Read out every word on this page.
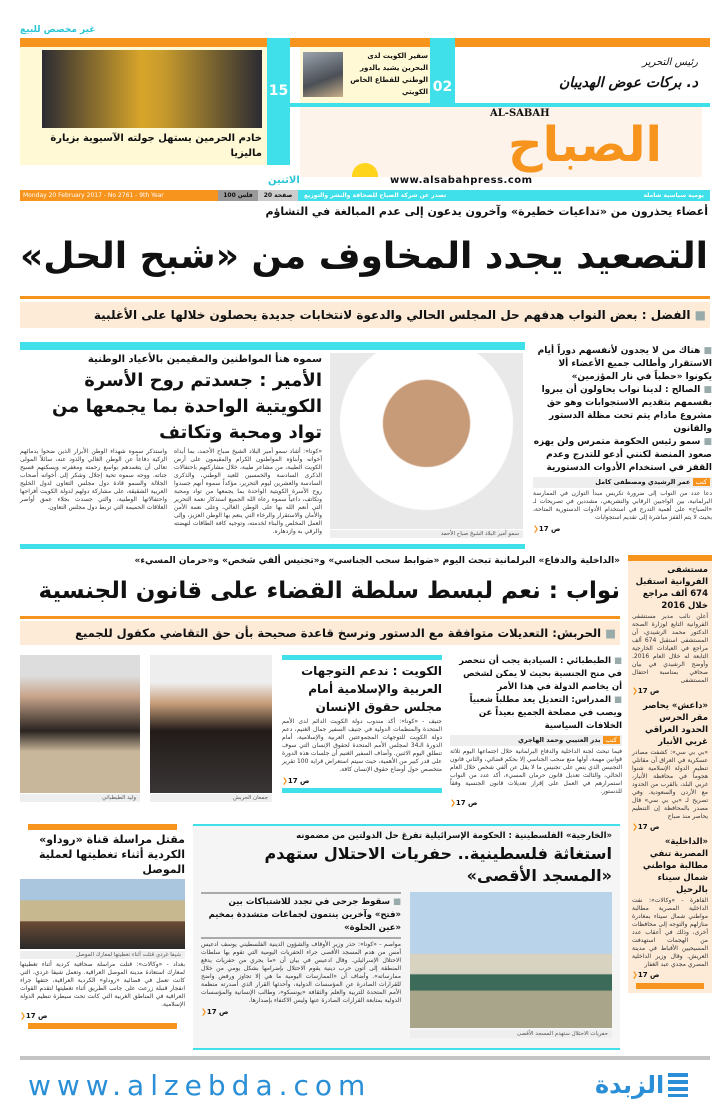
غير مخصص للبيع
خادم الحرمين يستهل جولته الآسيوية بزيارة ماليزيا
15
سفير الكويت لدى البحرين يشيد بالدور الوطني للقطاع الخاص الكويتي 02
رئيس التحرير
د. بركات عوض الهديبان
AL-SABAH
الصباح
www.alsabahpress.com
الاثنين
Monday 20 February 2017 - No 2761 - 9th Year	100 فلس	20 صفحة	يومية سياسية شاملة
تصدر عن شركة الصباح للصحافة والنشر والتوزيع
أعضاء يحذرون من «تداعيات خطيرة» وآخرون يدعون إلى عدم المبالغة في التشاؤم
التصعيد يجدد المخاوف من «شبح الحل»
■ الفضل : بعض النواب هدفهم حل المجلس الحالي والدعوة لانتخابات جديدة يحصلون خلالها على الأغلبية
سموه هنأ المواطنين والمقيمين بالأعياد الوطنية
الأمير : جسدتم روح الأسرة الكويتية الواحدة بما يجمعها من تواد ومحبة وتكاتف
«كونا»: أشاد سمو أمير البلاد الشيخ صباح الأحمد، بما أبداه أخوانه وأبناؤه المواطنون الكرام والمقيمون على أرض الكويت الطيبة، من مشاعر طيبة، خلال مشاركتهم باحتفالات الذكرى السادسة والخمسين للعيد الوطني، والذكرى السادسة والعشرين ليوم التحرير، مؤكداً سموه أنهم جسدوا روح الأسرة الكويتية الواحدة بما يجمعها من تواد ومحبة وتكاتف، داعياً سموه رعاه الله الجميع استذكار نعمة التحرير التي أنعم الله بها على الوطن الغالي، وعلى نعمة الأمن والأمان والاستقرار والرخاء التي ينعم بها الوطن العزيز، وإلى العمل المخلص والبناء لخدمته، وتوجيه كافة الطاقات لنهضته والرقي به وازدهاره.
واستذكر سموه شهداء الوطن الأبرار الذين ضحوا بدمائهم الزكية دفاعاً عن الوطن الغالي والذود عنه، سائلاً المولى تعالى أن يتغمدهم بواسع رحمته ومغفرته ويسكنهم فسيح جناته. ووجه سموه تحية إجلال وشكر إلى أخوانه أصحاب الجلالة والسمو قادة دول مجلس التعاون لدول الخليج العربية الشقيقة، على مشاركة دولهم لدولة الكويت أفراحها واحتفالاتها الوطنية، والتي جسدت بجلاء عمق أواصر العلاقات الحميمة التي تربط دول مجلس التعاون.
سمو أمير البلاد الشيخ صباح الأحمد
■ هناك من لا يجدون لأنفسهم دوراً أيام الاستقرار وأطالب جميع الأعضاء ألا يكونوا «حطباً في نار المؤزمين»
■ الصالح : لدينا نواب يحاولون أن يبروا بقسمهم بتقديم الاستجوابات وهو حق مشروع مادام يتم تحت مظلة الدستور والقانون
■ سمو رئيس الحكومة متمرس ولن يهزه صعود المنصة لكنني أدعو للتدرج وعدم القفز في استخدام الأدوات الدستورية
كتب عمر الرشيدي ومصطفى كامل
دعا عدد من النواب إلى ضرورة تكريس مبدأ التوازن في الممارسة البرلمانية، بين الواجبين الرقابي والتشريعي، مشددين في تصريحات لـ «الصباح» على أهمية التدرج في استخدام الأدوات الدستورية المتاحة، بحيث لا يتم القفز مباشرة إلى تقديم استجوابات
❯ص 17
«الداخلية والدفاع» البرلمانية تبحث اليوم «ضوابط سحب الجناسي» و«تجنيس ألفي شخص» و«حرمان المسيء»
نواب : نعم لبسط سلطة القضاء على قانون الجنسية
■ الحربش: التعديلات متوافقة مع الدستور وترسخ قاعدة صحيحة بأن حق التقاضي مكفول للجميع
وليد الطبطبائي	جمعان الحربش
الكويت : ندعم التوجهات العربية والإسلامية أمام مجلس حقوق الإنسان
جنيف - «كونا»: أكد مندوب دولة الكويت الدائم لدى الأمم المتحدة والمنظمات الدولية في جنيف السفير جمال الغنيم، دعم دولة الكويت للتوجهات المجموعتين العربية والإسلامية، أمام الدورة الـ34 لمجلس الأمم المتحدة لحقوق الإنسان التي سوف تنطلق اليوم الاثنين. وأضاف السفير الغنيم أن جلسات هذه الدورة على قدر كبير من الأهمية، حيث سيتم استعراض قرابة 100 تقرير متخصص حول أوضاع حقوق الإنسان كافة.
❯ص 17
■ الطبطبائي : السيادية يجب أن تنحصر في منح الجنسية بحيث لا يمكن لشخص أن يخاصم الدولة في هذا الأمر
■ المدراس: التعديل يعد مطلباً شعبياً ويصب في مصلحة الجميع بعيداً عن الخلافات السياسية
كتب بدر العتيبي وحمد الهاجري
فيما تبحث لجنة الداخلية والدفاع البرلمانية خلال اجتماعها اليوم ثلاثة قوانين مهمة، أولها منع سحب الجناسي إلا بحكم قضائي، والثاني قانون التجنيس الذي ينص على تجنيس ما لا يقل عن ألفي شخص خلال العام الحالي، والثالث تعديل قانون حرمان المسيء، أكد عدد من النواب استمرارهم في العمل على إقرار تعديلات قانون الجنسية وفقاً للدستور.
❯ص 17
مستشفى الفروانية استقبل 674 ألف مراجع خلال 2016
أعلن نائب مدير مستشفى الفروانية التابع لوزارة الصحة الدكتور محمد الرشيدي، أن المستشفى استقبل 674 ألف مراجع في العيادات الخارجية التابعة له خلال العام 2016. وأوضح الرشيدي في بيان صحافي بمناسبة احتفال المستشفى
❯ص 17
«داعش» يحاصر مقر الحرس الحدود العراقي غربي الأنبار
«بي بي سي»: كشفت مصادر عسكرية في العراق أن مقاتلي تنظيم الدولة الإسلامية شنوا هجوماً في محافظة الأنبار، غربي البلد، بالقرب من الحدود مع الأردن والسعودية. وفي تصريح لـ «بي بي سي» قال مصدر بالمحافظة إن التنظيم يحاصر منذ صباح
❯ص 17
«الداخلية» المصرية تنفي مطالبة مواطني شمال سيناء بالرحيل
القاهرة - «وكالات»: نفت الداخلية المصرية مطالبة مواطني شمال سيناء بمغادرة منازلهم والتوجه إلى محافظات أخرى، وذلك في أعقاب عدد من الهجمات استهدفت المسيحيين الأقباط في مدينة العريش. وقال وزير الداخلية المصري مجدي عبد الغفار
❯ص 17
مقتل مراسلة قناة «روداو» الكردية أثناء تغطيتها لعملية الموصل
شيفا غردي قتلت أثناء تغطيتها لمعارك الموصل
بغداد - «وكالات»: قتلت مراسلة صحافية كردية أثناء تغطيتها لمعارك استعادة مدينة الموصل العراقية. وتعمل شيفا غردي، التي كانت تعمل في فضائية «روداو» الكردية العراقية، حتفها جراء انفجار قنبلة زرعت على جانب الطريق أثناء تغطيتها لتقدم القوات العراقية في المناطق الغربية التي كانت تحت سيطرة تنظيم الدولة الإسلامية.
❯ص 17
«الخارجية» الفلسطينية : الحكومة الإسرائيلية تفرغ حل الدولتين من مضمونه
استغاثة فلسطينية.. حفريات الاحتلال ستهدم «المسجد الأقصى»
■ سقوط جرحى في تجدد للاشتباكات بين «فتح» وآخرين ينتمون لجماعات متشددة بمخيم «عين الحلوة»
مواصم - «كونا»: حذر وزير الأوقاف والشؤون الدينية الفلسطيني يوسف ادعيس أمس من هدم المسجد الأقصى جراء الحفريات اليومية التي تقوم بها سلطات الاحتلال الإسرائيلي. وقال ادعيس في بيان أن «ما يجري من حفريات يدفع المنطقة إلى أتون حرب دينية يقوم الاحتلال بإضرامها بشكل يومي من خلال ممارساته». وأضاف أن «الممارسات اليومية ما هي إلا تجاوز ورفض واضح للقرارات الصادرة عن المؤسسات الدولية، وأحدثها القرار الذي أصدرته منظمة الأمم المتحدة للتربية والعلم والثقافة «يونسكو»، وطالب الإنسانية والمؤسسات الدولية بمتابعة القرارات الصادرة عنها وليس الاكتفاء بإصدارها.
❯ص 17
حفريات الاحتلال ستهدم المسجد الأقصى
www.alzebda.com	الزبدة
